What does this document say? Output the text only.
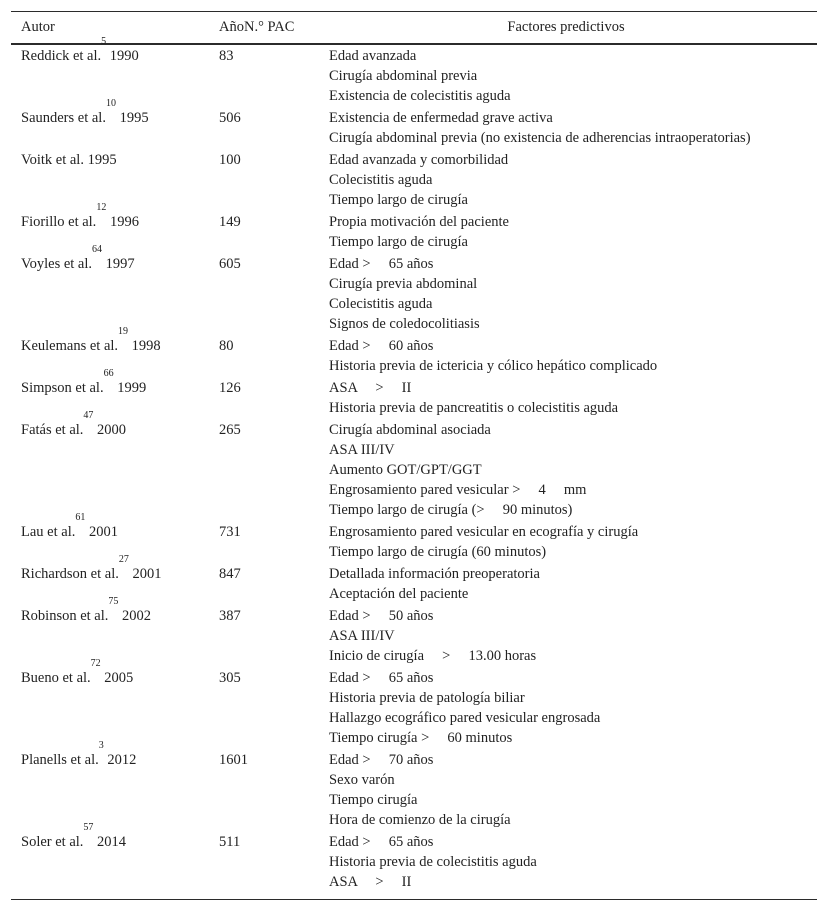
Autor	AñoN.° PAC	Factores predictivos
Reddick et al.$^5$ 1990	83	Edad avanzada
Cirugía abdominal previa
Existencia de colecistitis aguda
Saunders et al.$^{10}$ 1995	506	Existencia de enfermedad grave activa
Cirugía abdominal previa (no existencia de adherencias intraoperatorias)
Voitk et al. 1995	100	Edad avanzada y comorbilidad
Colecistitis aguda
Tiempo largo de cirugía
Fiorillo et al.$^{12}$ 1996	149	Propia motivación del paciente
Tiempo largo de cirugía
Voyles et al.$^{64}$ 1997	605	Edad >     65 años
Cirugía previa abdominal
Colecistitis aguda
Signos de coledocolitiasis
Keulemans et al.$^{19}$ 1998	80	Edad >     60 años
Historia previa de ictericia y cólico hepático complicado
Simpson et al.$^{66}$ 1999	126	ASA     >     II
Historia previa de pancreatitis o colecistitis aguda
Fatás et al.$^{47}$ 2000	265	Cirugía abdominal asociada
ASA III/IV
Aumento GOT/GPT/GGT
Engrosamiento pared vesicular >     4     mm
Tiempo largo de cirugía (>     90 minutos)
Lau et al.$^{61}$ 2001	731	Engrosamiento pared vesicular en ecografía y cirugía
Tiempo largo de cirugía (60 minutos)
Richardson et al.$^{27}$ 2001	847	Detallada información preoperatoria
Aceptación del paciente
Robinson et al.$^{75}$ 2002	387	Edad >     50 años
ASA III/IV
Inicio de cirugía     >     13.00 horas
Bueno et al.$^{72}$ 2005	305	Edad >     65 años
Historia previa de patología biliar
Hallazgo ecográfico pared vesicular engrosada
Tiempo cirugía >     60 minutos
Planells et al.$^3$ 2012	1601	Edad >     70 años
Sexo varón
Tiempo cirugía
Hora de comienzo de la cirugía
Soler et al.$^{57}$ 2014	511	Edad >     65 años
Historia previa de colecistitis aguda
ASA     >     II
